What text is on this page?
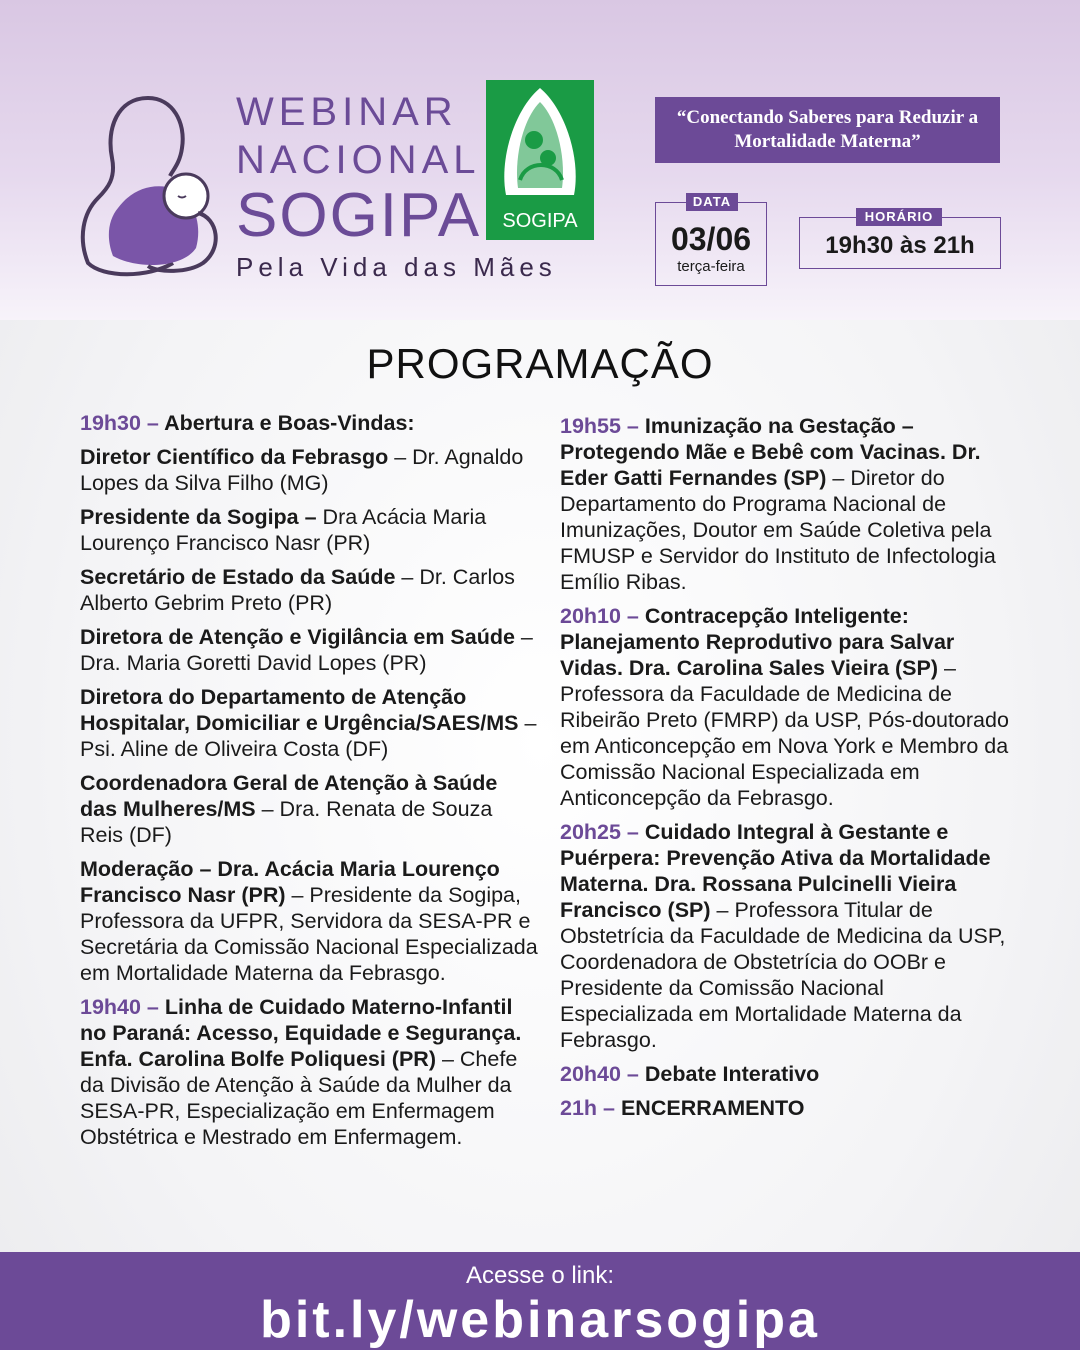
WEBINAR
NACIONAL
SOGIPA
Pela Vida das Mães
SOGIPA
“Conectando Saberes para Reduzir a Mortalidade Materna”
DATA
03/06
terça-feira
HORÁRIO
19h30 às 21h
PROGRAMAÇÃO
19h30 – Abertura e Boas-Vindas:
Diretor Científico da Febrasgo – Dr. Agnaldo Lopes da Silva Filho (MG)
Presidente da Sogipa – Dra Acácia Maria Lourenço Francisco Nasr (PR)
Secretário de Estado da Saúde – Dr. Carlos Alberto Gebrim Preto (PR)
Diretora de Atenção e Vigilância em Saúde – Dra. Maria Goretti David Lopes (PR)
Diretora do Departamento de Atenção Hospitalar, Domiciliar e Urgência/SAES/MS – Psi. Aline de Oliveira Costa (DF)
Coordenadora Geral de Atenção à Saúde das Mulheres/MS – Dra. Renata de Souza Reis (DF)
Moderação – Dra. Acácia Maria Lourenço Francisco Nasr (PR) – Presidente da Sogipa, Professora da UFPR, Servidora da SESA-PR e Secretária da Comissão Nacional Especializada em Mortalidade Materna da Febrasgo.
19h40 – Linha de Cuidado Materno-Infantil no Paraná: Acesso, Equidade e Segurança. Enfa. Carolina Bolfe Poliquesi (PR) – Chefe da Divisão de Atenção à Saúde da Mulher da SESA-PR, Especialização em Enfermagem Obstétrica e Mestrado em Enfermagem.
19h55 – Imunização na Gestação – Protegendo Mãe e Bebê com Vacinas. Dr. Eder Gatti Fernandes (SP) – Diretor do Departamento do Programa Nacional de Imunizações, Doutor em Saúde Coletiva pela FMUSP e Servidor do Instituto de Infectologia Emílio Ribas.
20h10 – Contracepção Inteligente: Planejamento Reprodutivo para Salvar Vidas. Dra. Carolina Sales Vieira (SP) – Professora da Faculdade de Medicina de Ribeirão Preto (FMRP) da USP, Pós-doutorado em Anticoncepção em Nova York e Membro da Comissão Nacional Especializada em Anticoncepção da Febrasgo.
20h25 – Cuidado Integral à Gestante e Puérpera: Prevenção Ativa da Mortalidade Materna. Dra. Rossana Pulcinelli Vieira Francisco (SP) – Professora Titular de Obstetrícia da Faculdade de Medicina da USP, Coordenadora de Obstetrícia do OOBr e Presidente da Comissão Nacional Especializada em Mortalidade Materna da Febrasgo.
20h40 – Debate Interativo
21h – ENCERRAMENTO
Acesse o link:
bit.ly/webinarsogipa
